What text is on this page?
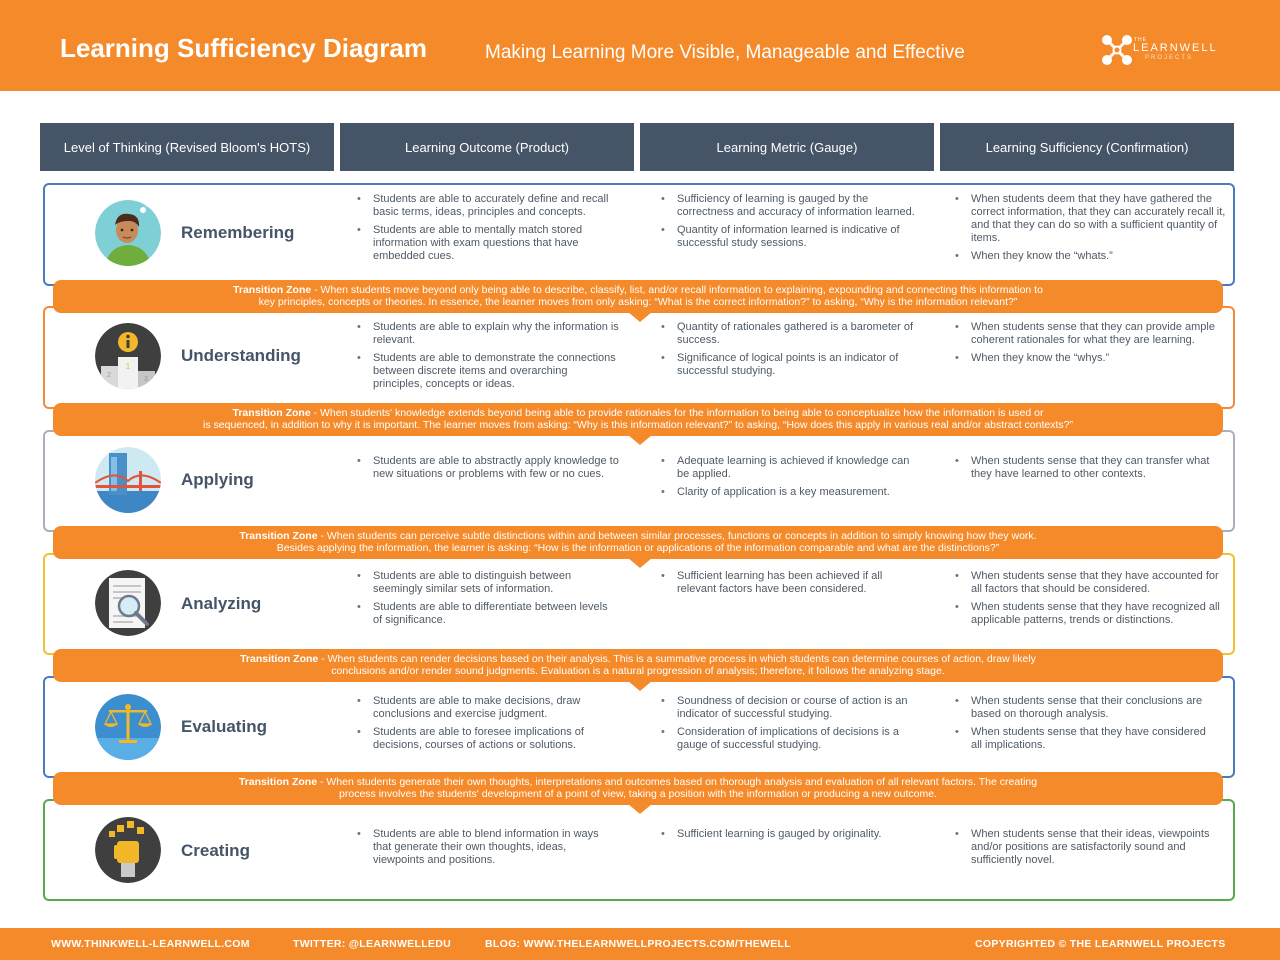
Learning Sufficiency Diagram	Making Learning More Visible, Manageable and Effective
THE
LEARNWELL
PROJECTS
Level of Thinking (Revised Bloom's HOTS)	Learning Outcome (Product)	Learning Metric (Gauge)	Learning Sufficiency (Confirmation)
Remembering
• Students are able to accurately define and recall basic terms, ideas, principles and concepts.
• Students are able to mentally match stored information with exam questions that have embedded cues.
• Sufficiency of learning is gauged by the correctness and accuracy of information learned.
• Quantity of information learned is indicative of successful study sessions.
• When students deem that they have gathered the correct information, that they can accurately recall it, and that they can do so with a sufficient quantity of items.
• When they know the “whats.”
Transition Zone - When students move beyond only being able to describe, classify, list, and/or recall information to explaining, expounding and connecting this information to
key principles, concepts or theories. In essence, the learner moves from only asking: “What is the correct information?” to asking, “Why is the information relevant?”
1
2
3
Understanding
• Students are able to explain why the information is relevant.
• Students are able to demonstrate the connections between discrete items and overarching principles, concepts or ideas.
• Quantity of rationales gathered is a barometer of success.
• Significance of logical points is an indicator of successful studying.
• When students sense that they can provide ample coherent rationales for what they are learning.
• When they know the “whys.”
Transition Zone - When students' knowledge extends beyond being able to provide rationales for the information to being able to conceptualize how the information is used or
is sequenced, in addition to why it is important. The learner moves from asking: “Why is this information relevant?” to asking, “How does this apply in various real and/or abstract contexts?”
Applying
• Students are able to abstractly apply knowledge to new situations or problems with few or no cues.
• Adequate learning is achieved if knowledge can be applied.
• Clarity of application is a key measurement.
• When students sense that they can transfer what they have learned to other contexts.
Transition Zone - When students can perceive subtle distinctions within and between similar processes, functions or concepts in addition to simply knowing how they work.
Besides applying the information, the learner is asking: “How is the information or applications of the information comparable and what are the distinctions?”
Analyzing
• Students are able to distinguish between seemingly similar sets of information.
• Students are able to differentiate between levels of significance.
• Sufficient learning has been achieved if all relevant factors have been considered.
• When students sense that they have accounted for all factors that should be considered.
• When students sense that they have recognized all applicable patterns, trends or distinctions.
Transition Zone - When students can render decisions based on their analysis. This is a summative process in which students can determine courses of action, draw likely
conclusions and/or render sound judgments. Evaluation is a natural progression of analysis; therefore, it follows the analyzing stage.
Evaluating
• Students are able to make decisions, draw conclusions and exercise judgment.
• Students are able to foresee implications of decisions, courses of actions or solutions.
• Soundness of decision or course of action is an indicator of successful studying.
• Consideration of implications of decisions is a gauge of successful studying.
• When students sense that their conclusions are based on thorough analysis.
• When students sense that they have considered all implications.
Transition Zone - When students generate their own thoughts, interpretations and outcomes based on thorough analysis and evaluation of all relevant factors. The creating
process involves the students' development of a point of view, taking a position with the information or producing a new outcome.
Creating
• Students are able to blend information in ways that generate their own thoughts, ideas, viewpoints and positions.
• Sufficient learning is gauged by originality.
•	When students sense that their ideas, viewpoints and/or positions are satisfactorily sound and sufficiently novel.
WWW.THINKWELL-LEARNWELL.COM	TWITTER: @LEARNWELLEDU	BLOG: WWW.THELEARNWELLPROJECTS.COM/THEWELL	COPYRIGHTED © THE LEARNWELL PROJECTS
